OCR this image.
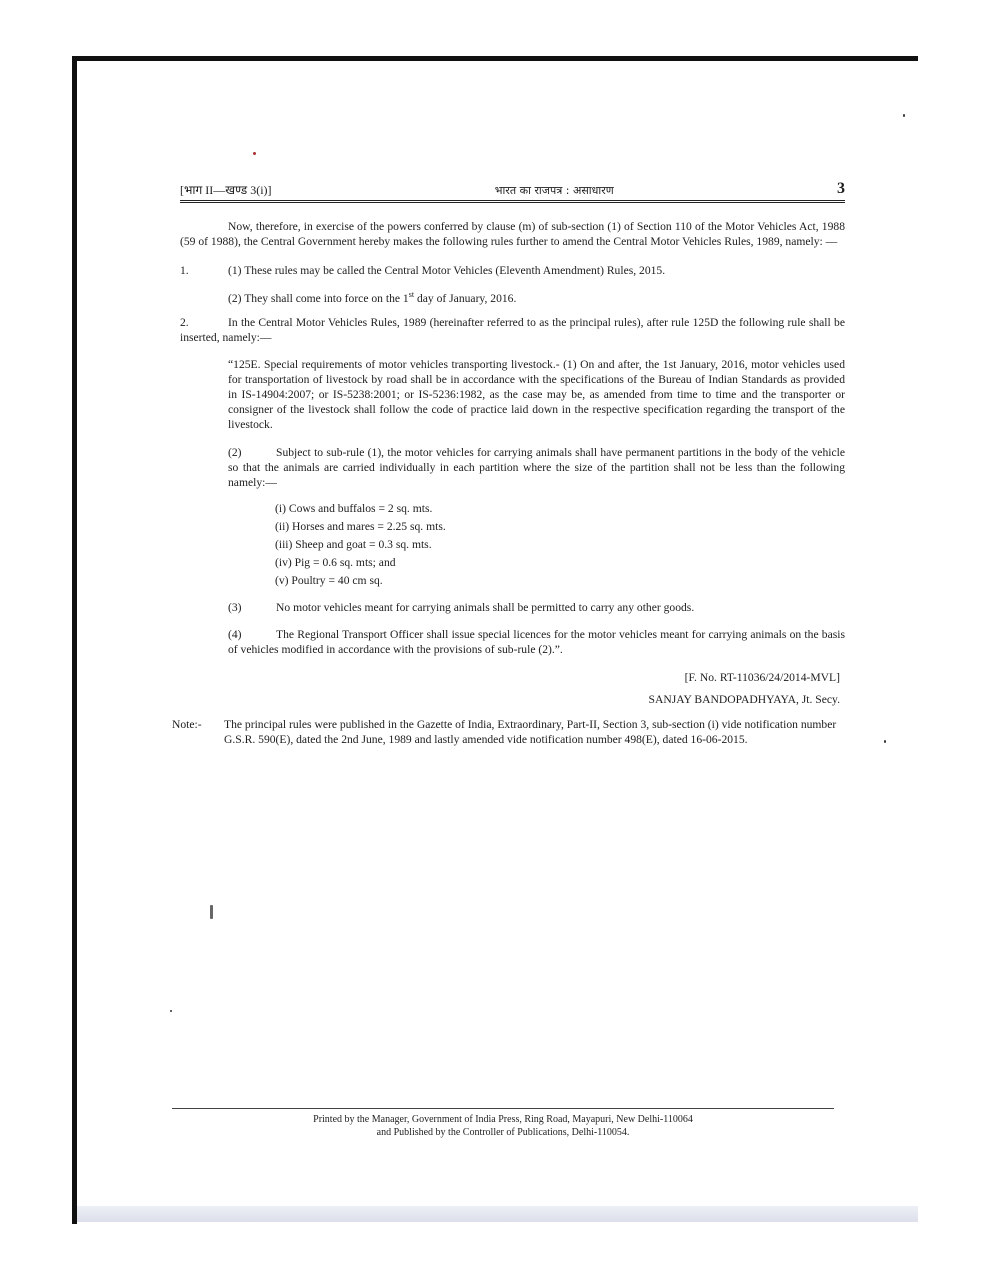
[भाग II—खण्ड 3(i)]	भारत का राजपत्र : असाधारण	3

Now, therefore, in exercise of the powers conferred by clause (m) of sub-section (1) of Section 110 of the Motor Vehicles Act, 1988 (59 of 1988), the Central Government hereby makes the following rules further to amend the Central Motor Vehicles Rules, 1989, namely: —

1.	(1) These rules may be called the Central Motor Vehicles (Eleventh Amendment) Rules, 2015.

(2) They shall come into force on the 1st day of January, 2016.

2.	In the Central Motor Vehicles Rules, 1989 (hereinafter referred to as the principal rules), after rule 125D the following rule shall be inserted, namely:—

“125E. Special requirements of motor vehicles transporting livestock.- (1) On and after, the 1st January, 2016, motor vehicles used for transportation of livestock by road shall be in accordance with the specifications of the Bureau of Indian Standards as provided in IS-14904:2007; or IS-5238:2001; or IS-5236:1982, as the case may be, as amended from time to time and the transporter or consigner of the livestock shall follow the code of practice laid down in the respective specification regarding the transport of the livestock.

(2)	Subject to sub-rule (1), the motor vehicles for carrying animals shall have permanent partitions in the body of the vehicle so that the animals are carried individually in each partition where the size of the partition shall not be less than the following namely:—

(i) Cows and buffalos = 2 sq. mts.
(ii) Horses and mares = 2.25 sq. mts.
(iii) Sheep and goat = 0.3 sq. mts.
(iv) Pig = 0.6 sq. mts; and
(v) Poultry = 40 cm sq.

(3)	No motor vehicles meant for carrying animals shall be permitted to carry any other goods.

(4)	The Regional Transport Officer shall issue special licences for the motor vehicles meant for carrying animals on the basis of vehicles modified in accordance with the provisions of sub-rule (2).”.

[F. No. RT-11036/24/2014-MVL]
SANJAY BANDOPADHYAYA, Jt. Secy.
Note:-	The principal rules were published in the Gazette of India, Extraordinary, Part-II, Section 3, sub-section (i) vide notification number G.S.R. 590(E), dated the 2nd June, 1989 and lastly amended vide notification number 498(E), dated 16-06-2015.
Printed by the Manager, Government of India Press, Ring Road, Mayapuri, New Delhi-110064
and Published by the Controller of Publications, Delhi-110054.
